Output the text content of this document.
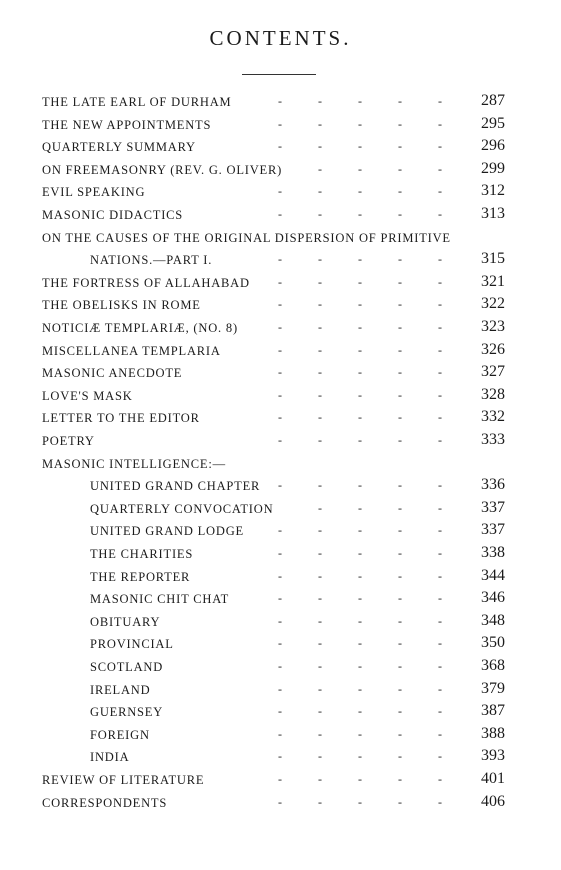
CONTENTS.
THE LATE EARL OF DURHAM	287
-	-	-	-	-
THE NEW APPOINTMENTS	295
-	-	-	-	-
QUARTERLY SUMMARY	296
-	-	-	-	-
ON FREEMASONRY (REV. G. OLIVER)	299
-	-	-	-
EVIL SPEAKING	312
-	-	-	-	-
MASONIC DIDACTICS	313
-	-	-	-	-
ON THE CAUSES OF THE ORIGINAL DISPERSION OF PRIMITIVE
NATIONS.—PART I.	315
-	-	-	-	-
THE FORTRESS OF ALLAHABAD	321
-	-	-	-	-
THE OBELISKS IN ROME	322
-	-	-	-	-
NOTICIÆ TEMPLARIÆ, (NO. 8)	323
-	-	-	-	-
MISCELLANEA TEMPLARIA	326
-	-	-	-	-
MASONIC ANECDOTE	327
-	-	-	-	-
LOVE'S MASK	328
-	-	-	-	-
LETTER TO THE EDITOR	332
-	-	-	-	-
POETRY	333
-	-	-	-	-
MASONIC INTELLIGENCE:—
UNITED GRAND CHAPTER	336
-	-	-	-	-
QUARTERLY CONVOCATION	337
-	-	-	-
UNITED GRAND LODGE	337
-	-	-	-	-
THE CHARITIES	338
-	-	-	-	-
THE REPORTER	344
-	-	-	-	-
MASONIC CHIT CHAT	346
-	-	-	-	-
OBITUARY	348
-	-	-	-	-
PROVINCIAL	350
-	-	-	-	-
SCOTLAND	368
-	-	-	-	-
IRELAND	379
-	-	-	-	-
GUERNSEY	387
-	-	-	-	-
FOREIGN	388
-	-	-	-	-
INDIA	393
-	-	-	-	-
REVIEW OF LITERATURE	401
-	-	-	-	-
CORRESPONDENTS	406
-	-	-	-	-
